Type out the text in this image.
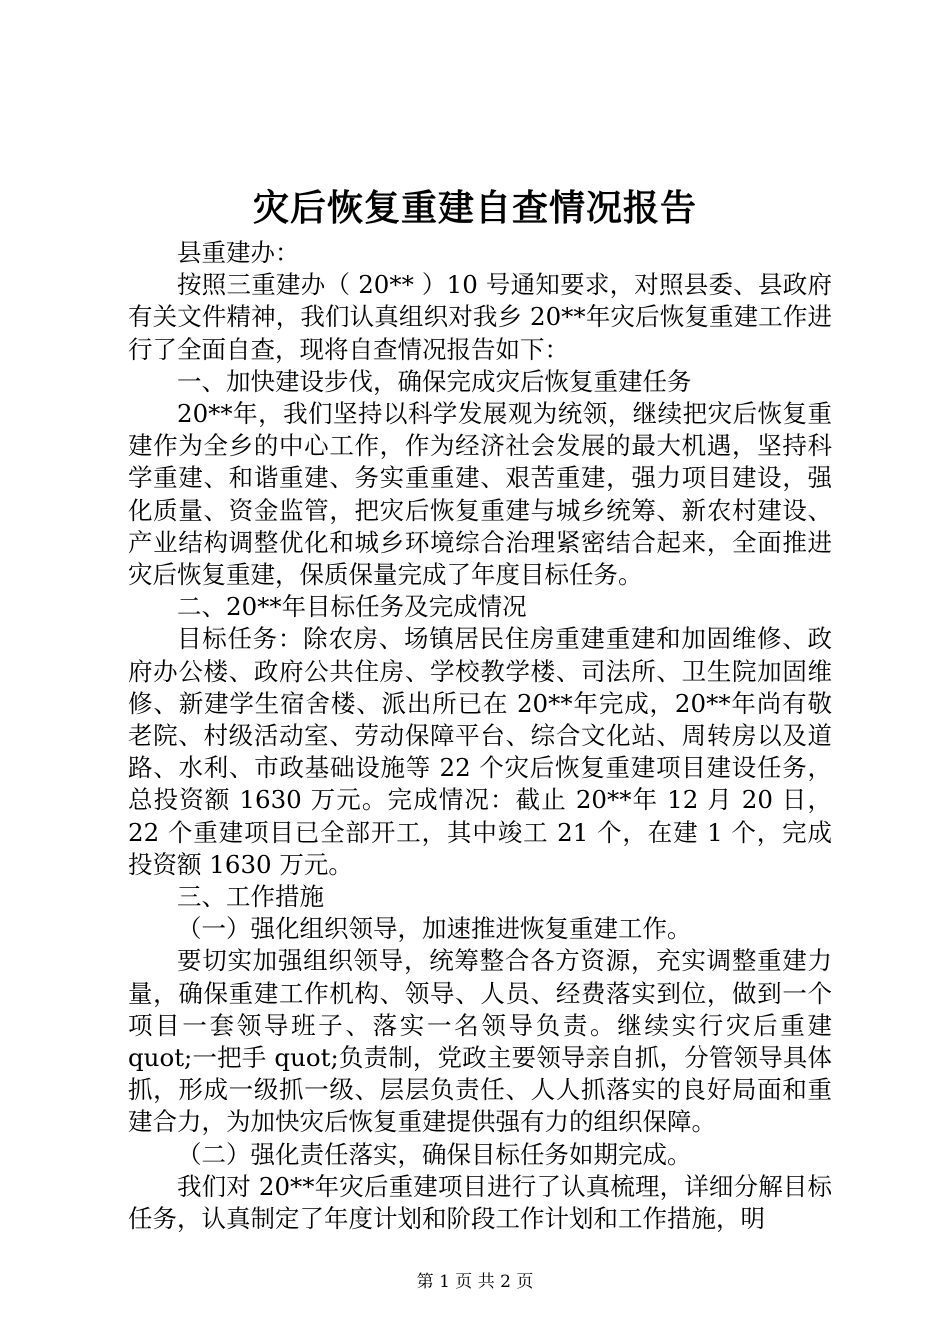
灾后恢复重建自查情况报告

县重建办：

按照三重建办（ 20** ）10 号通知要求，对照县委、县政府有关文件精神，我们认真组织对我乡 20**年灾后恢复重建工作进行了全面自查，现将自查情况报告如下：

一、加快建设步伐，确保完成灾后恢复重建任务

20**年，我们坚持以科学发展观为统领，继续把灾后恢复重建作为全乡的中心工作，作为经济社会发展的最大机遇，坚持科学重建、和谐重建、务实重重建、艰苦重建，强力项目建设，强化质量、资金监管，把灾后恢复重建与城乡统筹、新农村建设、产业结构调整优化和城乡环境综合治理紧密结合起来，全面推进灾后恢复重建，保质保量完成了年度目标任务。

二、20**年目标任务及完成情况

目标任务：除农房、场镇居民住房重建重建和加固维修、政府办公楼、政府公共住房、学校教学楼、司法所、卫生院加固维修、新建学生宿舍楼、派出所已在 20**年完成，20**年尚有敬老院、村级活动室、劳动保障平台、综合文化站、周转房以及道路、水利、市政基础设施等 22 个灾后恢复重建项目建设任务，总投资额 1630 万元。完成情况：截止 20**年 12 月 20 日，22 个重建项目已全部开工，其中竣工 21 个，在建 1 个，完成投资额 1630 万元。

三、工作措施

（一）强化组织领导，加速推进恢复重建工作。

要切实加强组织领导，统筹整合各方资源，充实调整重建力量，确保重建工作机构、领导、人员、经费落实到位，做到一个项目一套领导班子、落实一名领导负责。继续实行灾后重建 quot;一把手 quot;负责制，党政主要领导亲自抓，分管领导具体抓，形成一级抓一级、层层负责任、人人抓落实的良好局面和重建合力，为加快灾后恢复重建提供强有力的组织保障。

（二）强化责任落实，确保目标任务如期完成。

我们对 20**年灾后重建项目进行了认真梳理，详细分解目标任务，认真制定了年度计划和阶段工作计划和工作措施，明

第 1 页 共 2 页
